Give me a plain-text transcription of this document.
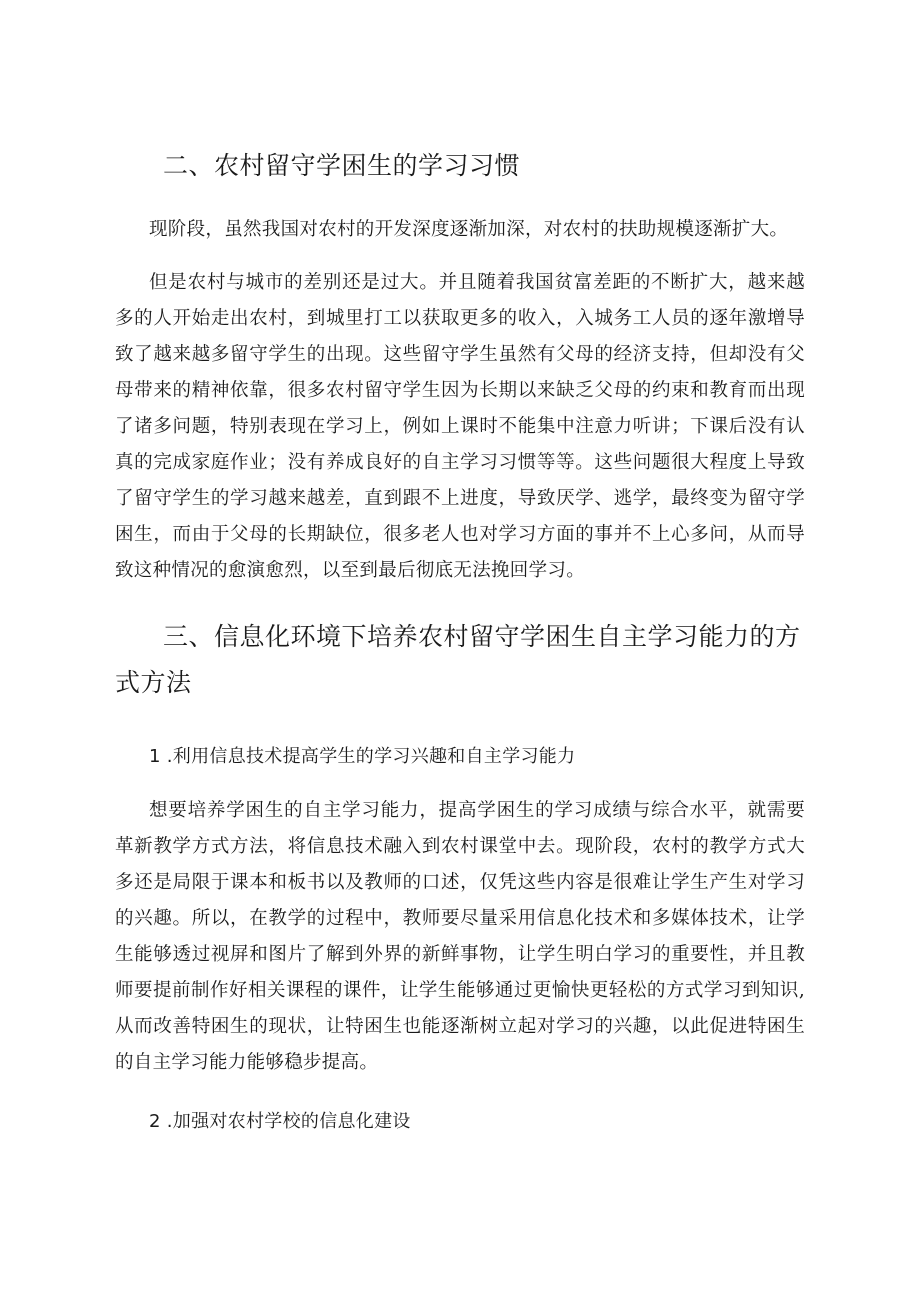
二、农村留守学困生的学习习惯

现阶段，虽然我国对农村的开发深度逐渐加深，对农村的扶助规模逐渐扩大。

但是农村与城市的差别还是过大。并且随着我国贫富差距的不断扩大，越来越多的人开始走出农村，到城里打工以获取更多的收入，入城务工人员的逐年激增导致了越来越多留守学生的出现。这些留守学生虽然有父母的经济支持，但却没有父母带来的精神依靠，很多农村留守学生因为长期以来缺乏父母的约束和教育而出现了诸多问题，特别表现在学习上，例如上课时不能集中注意力听讲；下课后没有认真的完成家庭作业；没有养成良好的自主学习习惯等等。这些问题很大程度上导致了留守学生的学习越来越差，直到跟不上进度，导致厌学、逃学，最终变为留守学困生，而由于父母的长期缺位，很多老人也对学习方面的事并不上心多问，从而导致这种情况的愈演愈烈，以至到最后彻底无法挽回学习。

三、信息化环境下培养农村留守学困生自主学习能力的方式方法

1 .利用信息技术提高学生的学习兴趣和自主学习能力

想要培养学困生的自主学习能力，提高学困生的学习成绩与综合水平，就需要革新教学方式方法，将信息技术融入到农村课堂中去。现阶段，农村的教学方式大多还是局限于课本和板书以及教师的口述，仅凭这些内容是很难让学生产生对学习的兴趣。所以，在教学的过程中，教师要尽量采用信息化技术和多媒体技术，让学生能够透过视屏和图片了解到外界的新鲜事物，让学生明白学习的重要性，并且教师要提前制作好相关课程的课件，让学生能够通过更愉快更轻松的方式学习到知识,从而改善特困生的现状，让特困生也能逐渐树立起对学习的兴趣，以此促进特困生的自主学习能力能够稳步提高。

2 .加强对农村学校的信息化建设
